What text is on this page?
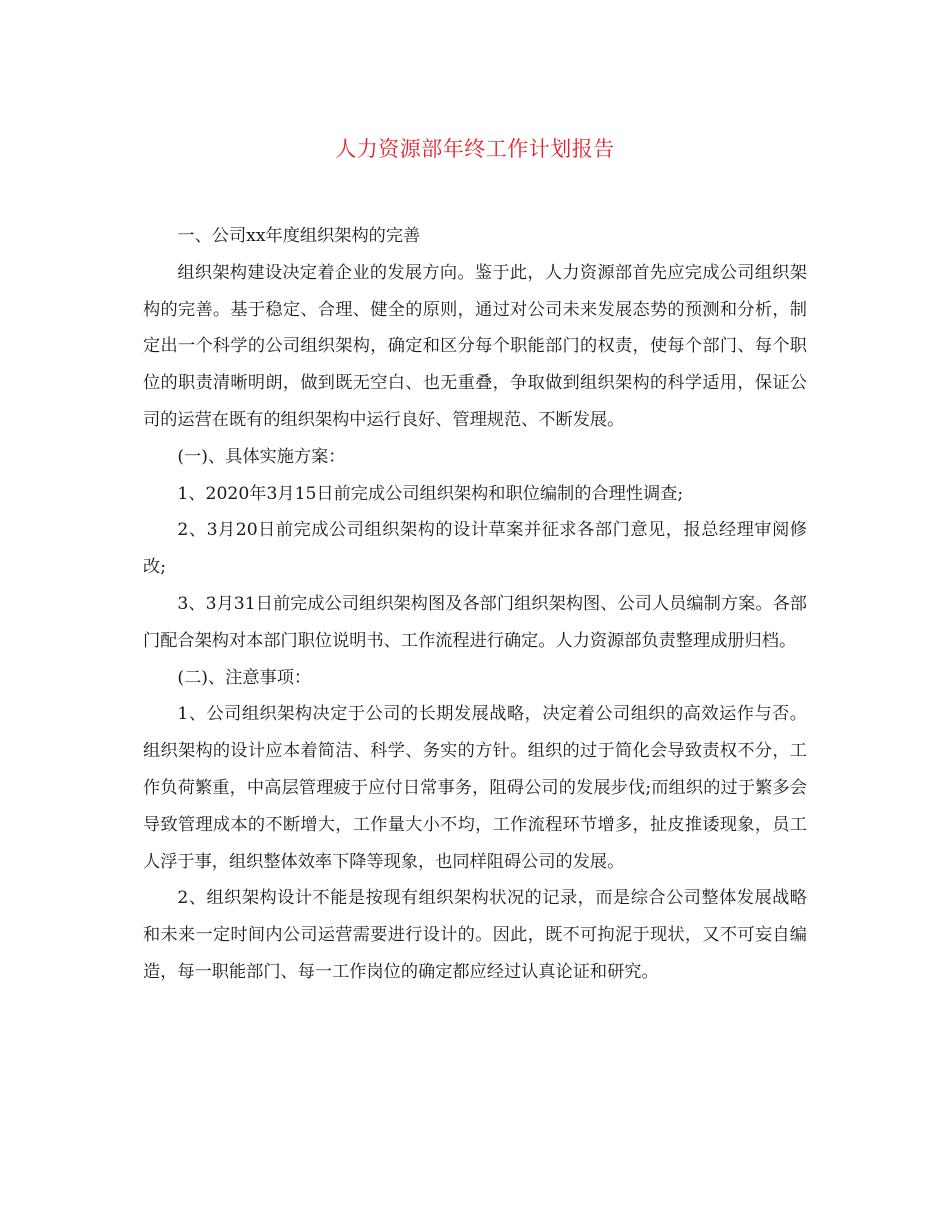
人力资源部年终工作计划报告

一、公司xx年度组织架构的完善

组织架构建设决定着企业的发展方向。鉴于此，人力资源部首先应完成公司组织架构的完善。基于稳定、合理、健全的原则，通过对公司未来发展态势的预测和分析，制定出一个科学的公司组织架构，确定和区分每个职能部门的权责，使每个部门、每个职位的职责清晰明朗，做到既无空白、也无重叠，争取做到组织架构的科学适用，保证公司的运营在既有的组织架构中运行良好、管理规范、不断发展。

(一)、具体实施方案：

1、2020年3月15日前完成公司组织架构和职位编制的合理性调查;

2、3月20日前完成公司组织架构的设计草案并征求各部门意见，报总经理审阅修改;

3、3月31日前完成公司组织架构图及各部门组织架构图、公司人员编制方案。各部门配合架构对本部门职位说明书、工作流程进行确定。人力资源部负责整理成册归档。

(二)、注意事项：

1、公司组织架构决定于公司的长期发展战略，决定着公司组织的高效运作与否。组织架构的设计应本着简洁、科学、务实的方针。组织的过于简化会导致责权不分，工作负荷繁重，中高层管理疲于应付日常事务，阻碍公司的发展步伐;而组织的过于繁多会导致管理成本的不断增大，工作量大小不均，工作流程环节增多，扯皮推诿现象，员工人浮于事，组织整体效率下降等现象，也同样阻碍公司的发展。

2、组织架构设计不能是按现有组织架构状况的记录，而是综合公司整体发展战略和未来一定时间内公司运营需要进行设计的。因此，既不可拘泥于现状，又不可妄自编造，每一职能部门、每一工作岗位的确定都应经过认真论证和研究。
